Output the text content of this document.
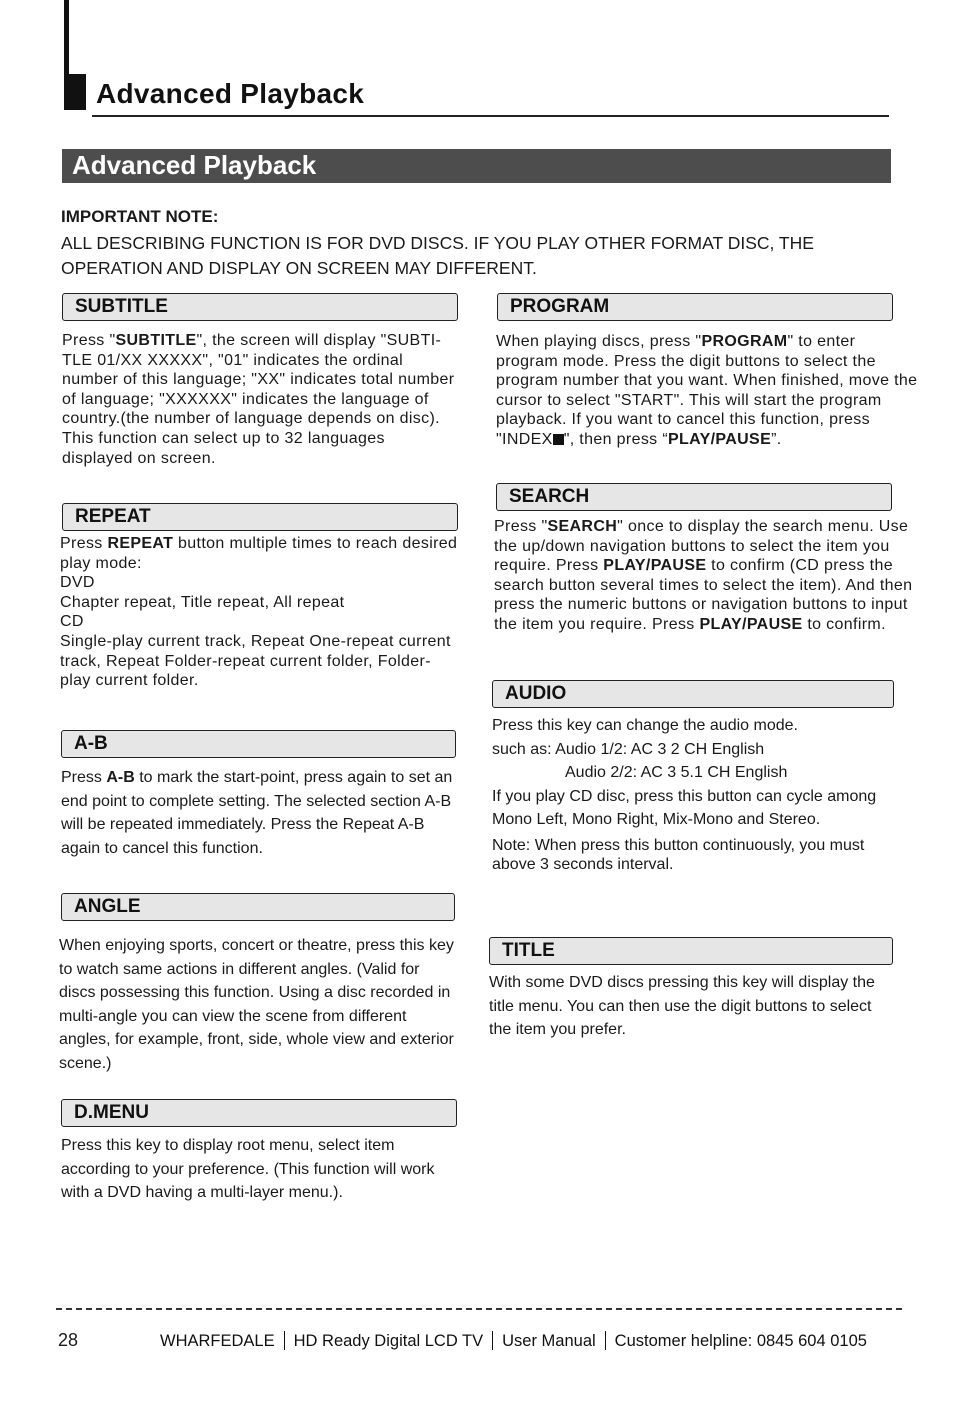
Advanced Playback
Advanced Playback
IMPORTANT NOTE:
ALL DESCRIBING FUNCTION IS FOR DVD DISCS. IF YOU PLAY OTHER FORMAT DISC, THE OPERATION AND DISPLAY ON SCREEN MAY DIFFERENT.
SUBTITLE
Press "SUBTITLE", the screen will display "SUBTI-TLE 01/XX XXXXX", "01" indicates the ordinal number of this language; "XX" indicates total number of language; "XXXXXX" indicates the language of country.(the number of language depends on disc). This function can select up to 32 languages displayed on screen.
REPEAT

Press REPEAT button multiple times to reach desired play mode:

DVD

Chapter repeat, Title repeat, All repeat

CD

Single-play current track, Repeat One-repeat current track, Repeat Folder-repeat current folder, Folder-play current folder.

A-B
Press A-B to mark the start-point, press again to set an end point to complete setting. The selected section A-B will be repeated immediately. Press the Repeat A-B again to cancel this function.
ANGLE
When enjoying sports, concert or theatre, press this key to watch same actions in different angles. (Valid for discs possessing this function. Using a disc recorded in multi-angle you can view the scene from different angles, for example, front, side, whole view and exterior scene.)
D.MENU
Press this key to display root menu, select item according to your preference. (This function will work with a DVD having a multi-layer menu.).
PROGRAM
When playing discs, press "PROGRAM" to enter program mode. Press the digit buttons to select the program number that you want. When finished, move the cursor to select "START". This will start the program playback. If you want to cancel this function, press "INDEX ", then press “PLAY/PAUSE”.
SEARCH
Press "SEARCH" once to display the search menu. Use the up/down navigation buttons to select the item you require. Press PLAY/PAUSE to confirm (CD press the search button several times to select the item). And then press the numeric buttons or navigation buttons to input the item you require. Press PLAY/PAUSE to confirm.
AUDIO

Press this key can change the audio mode.

such as: Audio 1/2: AC 3 2 CH English

Audio 2/2: AC 3 5.1 CH English

If you play CD disc, press this button can cycle among Mono Left, Mono Right, Mix-Mono and Stereo.

Note: When press this button continuously, you must above 3 seconds interval.

TITLE
With some DVD discs pressing this key will display the title menu. You can then use the digit buttons to select the item you prefer.
28	WHARFEDALE HD Ready Digital LCD TV User Manual Customer helpline: 0845 604 0105
